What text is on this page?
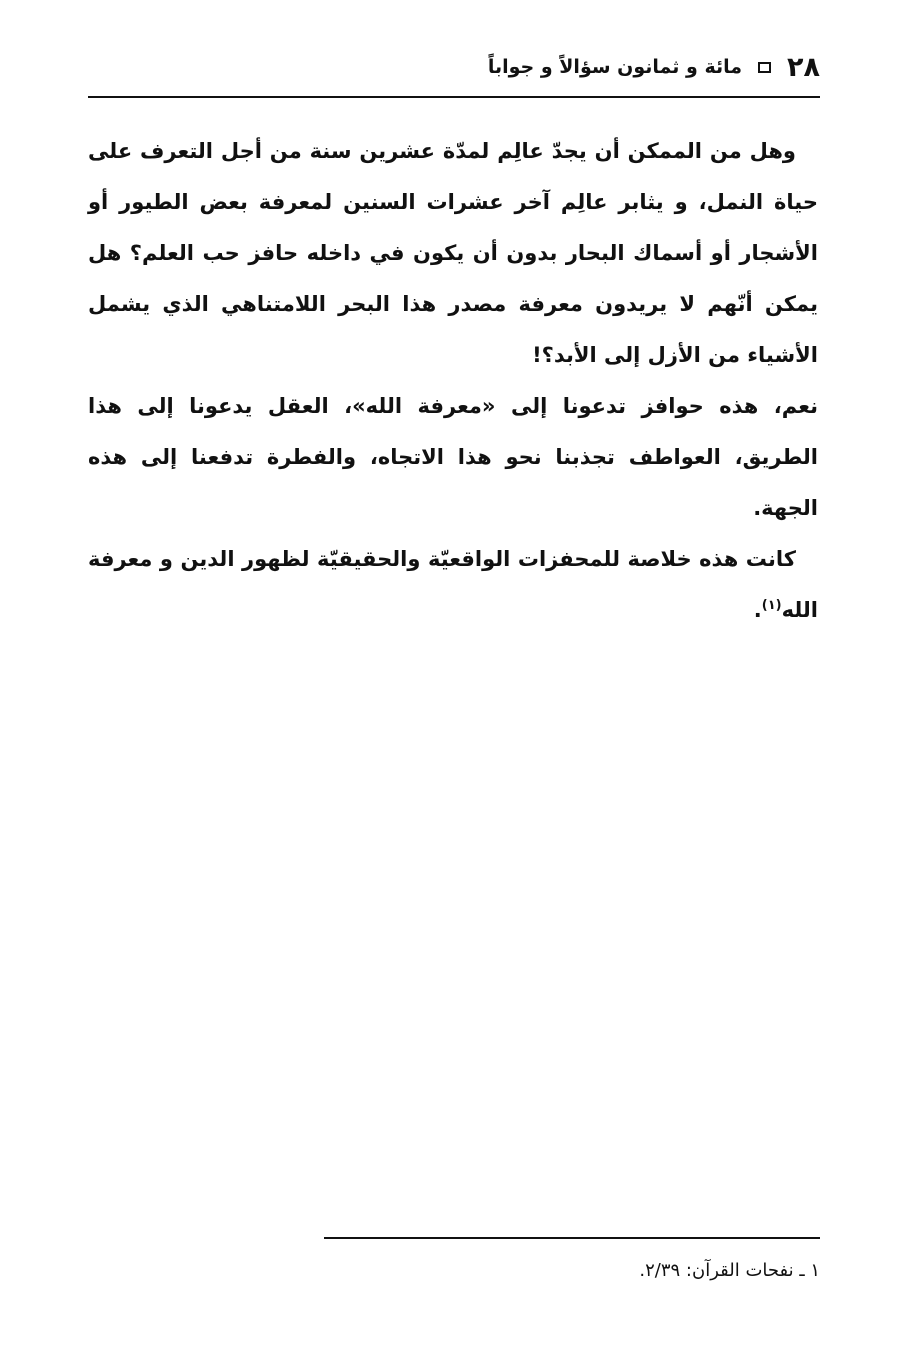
٢٨
مائة و ثمانون سؤالاً و جواباً

وهل من الممكن أن يجدّ عالِم لمدّة عشرين سنة من أجل التعرف على حياة النمل، و يثابر عالِم آخر عشرات السنين لمعرفة بعض الطيور أو الأشجار أو أسماك البحار بدون أن يكون في داخله حافز حب العلم؟ هل يمكن أنّهم لا يريدون معرفة مصدر هذا البحر اللامتناهي الذي يشمل الأشياء من الأزل إلى الأبد؟!

نعم، هذه حوافز تدعونا إلى «معرفة الله»، العقل يدعونا إلى هذا الطريق، العواطف تجذبنا نحو هذا الاتجاه، والفطرة تدفعنا إلى هذه الجهة.

كانت هذه خلاصة للمحفزات الواقعيّة والحقيقيّة لظهور الدين و معرفة الله$^{(١)}$.

١ ـ نفحات القرآن: ٢/٣٩.
